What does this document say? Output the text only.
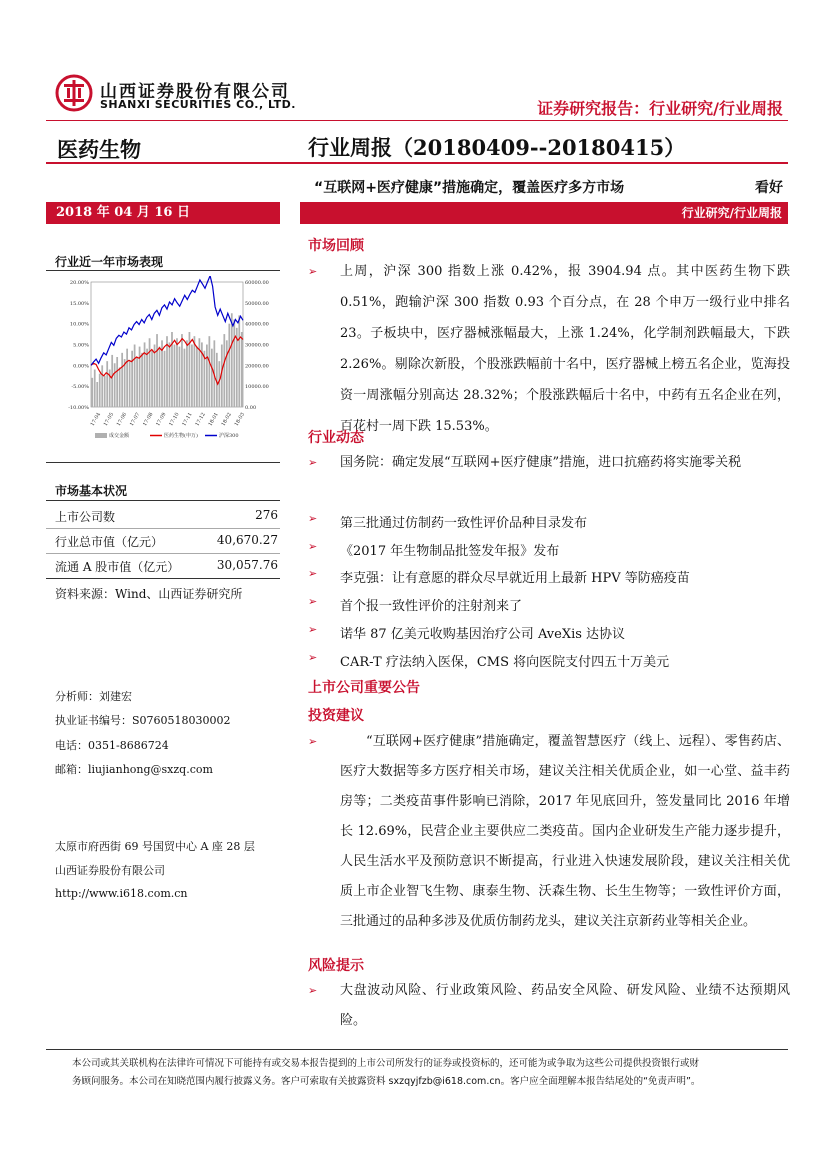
山西证券股份有限公司
SHANXI SECURITIES CO., LTD.	证券研究报告：行业研究/行业周报
医药生物	行业周报（20180409--20180415）
“互联网+医疗健康”措施确定，覆盖医疗多方市场	看好
2018 年 04 月 16 日	行业研究/行业周报
行业近一年市场表现
20.00%
15.00%
10.00%
5.00%
0.00%
-5.00%
-10.00%
60000.00
50000.00
40000.00
30000.00
20000.00
10000.00
0.00
17-04 17-05 17-06 17-07 17-08 17-09 17-10 17-11 17-12 18-01 18-02 18-03
成交金额	医药生物(申万)	沪深300
市场基本状况
上市公司数	276
行业总市值（亿元）	40,670.27
流通 A 股市值（亿元）	30,057.76
资料来源：Wind、山西证券研究所
分析师：刘建宏
执业证书编号：S0760518030002
电话：0351-8686724
邮箱：liujianhong@sxzq.com
太原市府西街 69 号国贸中心 A 座 28 层
山西证券股份有限公司
http://www.i618.com.cn
市场回顾
➢	上周，沪深 300 指数上涨 0.42%，报 3904.94 点。其中医药生物下跌 0.51%，跑输沪深 300 指数 0.93 个百分点，在 28 个申万一级行业中排名 23。子板块中，医疗器械涨幅最大，上涨 1.24%，化学制剂跌幅最大，下跌 2.26%。剔除次新股，个股涨跌幅前十名中，医疗器械上榜五名企业，览海投资一周涨幅分别高达 28.32%；个股涨跌幅后十名中，中药有五名企业在列，百花村一周下跌 15.53%。
行业动态
➢	国务院：确定发展“互联网+医疗健康”措施，进口抗癌药将实施零关税
➢	第三批通过仿制药一致性评价品种目录发布
➢	《2017 年生物制品批签发年报》发布
➢	李克强：让有意愿的群众尽早就近用上最新 HPV 等防癌疫苗
➢	首个报一致性评价的注射剂来了
➢	诺华 87 亿美元收购基因治疗公司 AveXis 达协议
➢	CAR-T 疗法纳入医保，CMS 将向医院支付四五十万美元
上市公司重要公告
投资建议
➢	“互联网+医疗健康”措施确定，覆盖智慧医疗（线上、远程）、零售药店、医疗大数据等多方医疗相关市场，建议关注相关优质企业，如一心堂、益丰药房等；二类疫苗事件影响已消除，2017 年见底回升，签发量同比 2016 年增长 12.69%，民营企业主要供应二类疫苗。国内企业研发生产能力逐步提升，人民生活水平及预防意识不断提高，行业进入快速发展阶段，建议关注相关优质上市企业智飞生物、康泰生物、沃森生物、长生生物等；一致性评价方面，三批通过的品种多涉及优质仿制药龙头，建议关注京新药业等相关企业。
风险提示
➢	大盘波动风险、行业政策风险、药品安全风险、研发风险、业绩不达预期风险。
本公司或其关联机构在法律许可情况下可能持有或交易本报告提到的上市公司所发行的证券或投资标的，还可能为或争取为这些公司提供投资银行或财
务顾问服务。本公司在知晓范围内履行披露义务。客户可索取有关披露资料 sxzqyjfzb@i618.com.cn。客户应全面理解本报告结尾处的“免责声明”。
